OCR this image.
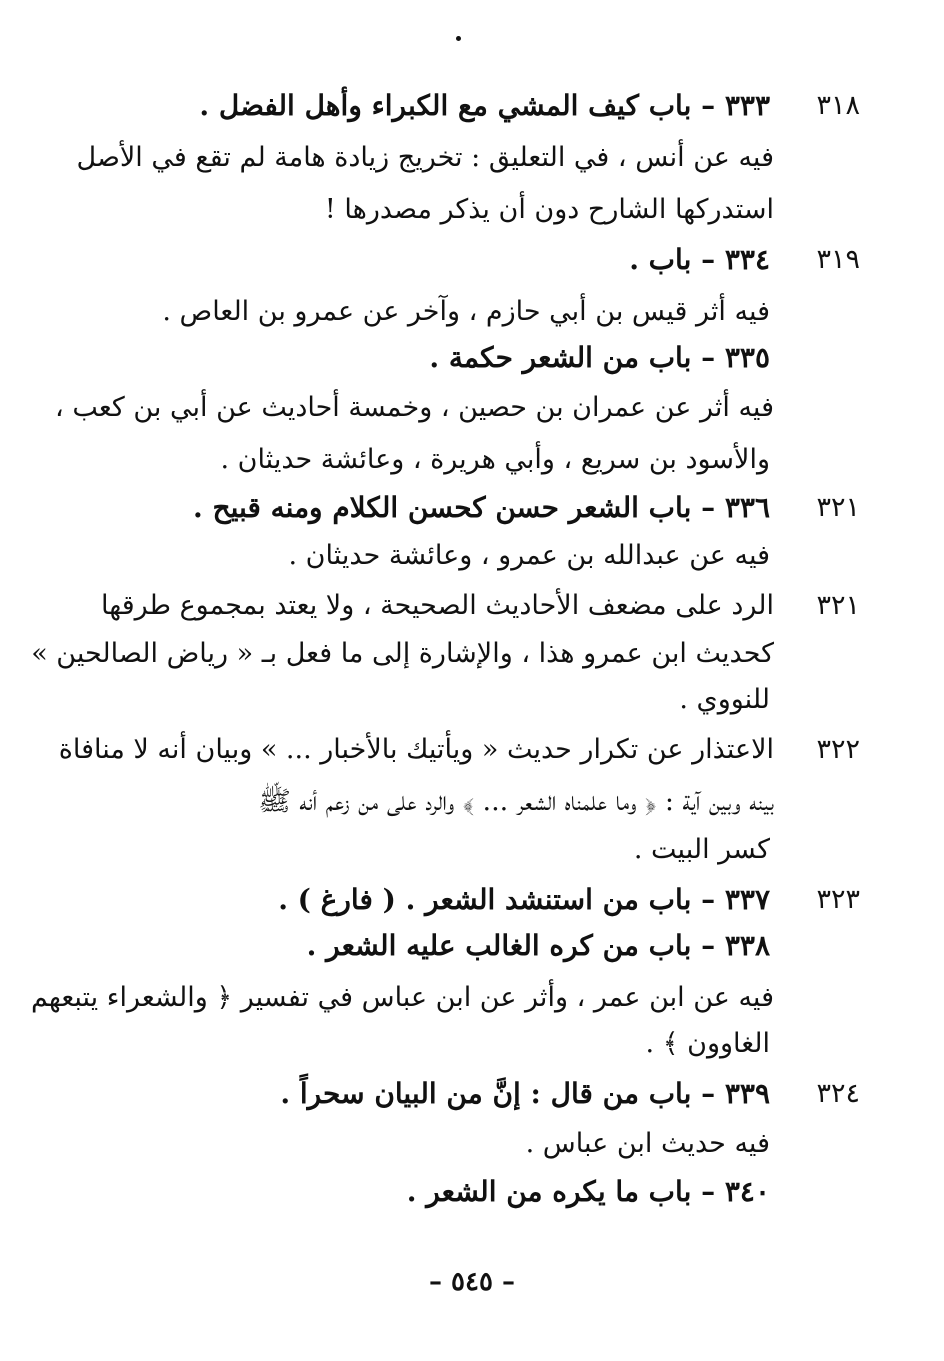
٣١٨
٣٣٣ – باب كيف المشي مع الكبراء وأهل الفضل .
فيه عن أنس ، في التعليق : تخريج زيادة هامة لم تقع في الأصل
استدركها الشارح دون أن يذكر مصدرها !
٣١٩
٣٣٤ – باب .
فيه أثر قيس بن أبي حازم ، وآخر عن عمرو بن العاص .
٣٣٥ – باب من الشعر حكمة .
فيه أثر عن عمران بن حصين ، وخمسة أحاديث عن أبي بن كعب ،
والأسود بن سريع ، وأبي هريرة ، وعائشة حديثان .
٣٢١
٣٣٦ – باب الشعر حسن كحسن الكلام ومنه قبيح .
فيه عن عبدالله بن عمرو ، وعائشة حديثان .
٣٢١
الرد على مضعف الأحاديث الصحيحة ، ولا يعتد بمجموع طرقها
كحديث ابن عمرو هذا ، والإشارة إلى ما فعل بـ « رياض الصالحين »
للنووي .
٣٢٢
الاعتذار عن تكرار حديث « ويأتيك بالأخبار ... » وبيان أنه لا منافاة
بينه وبين آية : ﴿ وما علمناه الشعر ... ﴾ والرد على من زعم أنه ﷺ
كسر البيت .
٣٢٣
٣٣٧ – باب من استنشد الشعر . ( فارغ ) .
٣٣٨ – باب من كره الغالب عليه الشعر .
فيه عن ابن عمر ، وأثر عن ابن عباس في تفسير ﴿ والشعراء يتبعهم
الغاوون ﴾ .
٣٢٤
٣٣٩ – باب من قال : إنَّ من البيان سحراً .
فيه حديث ابن عباس .
٣٤٠ – باب ما يكره من الشعر .
– ٥٤٥ –
